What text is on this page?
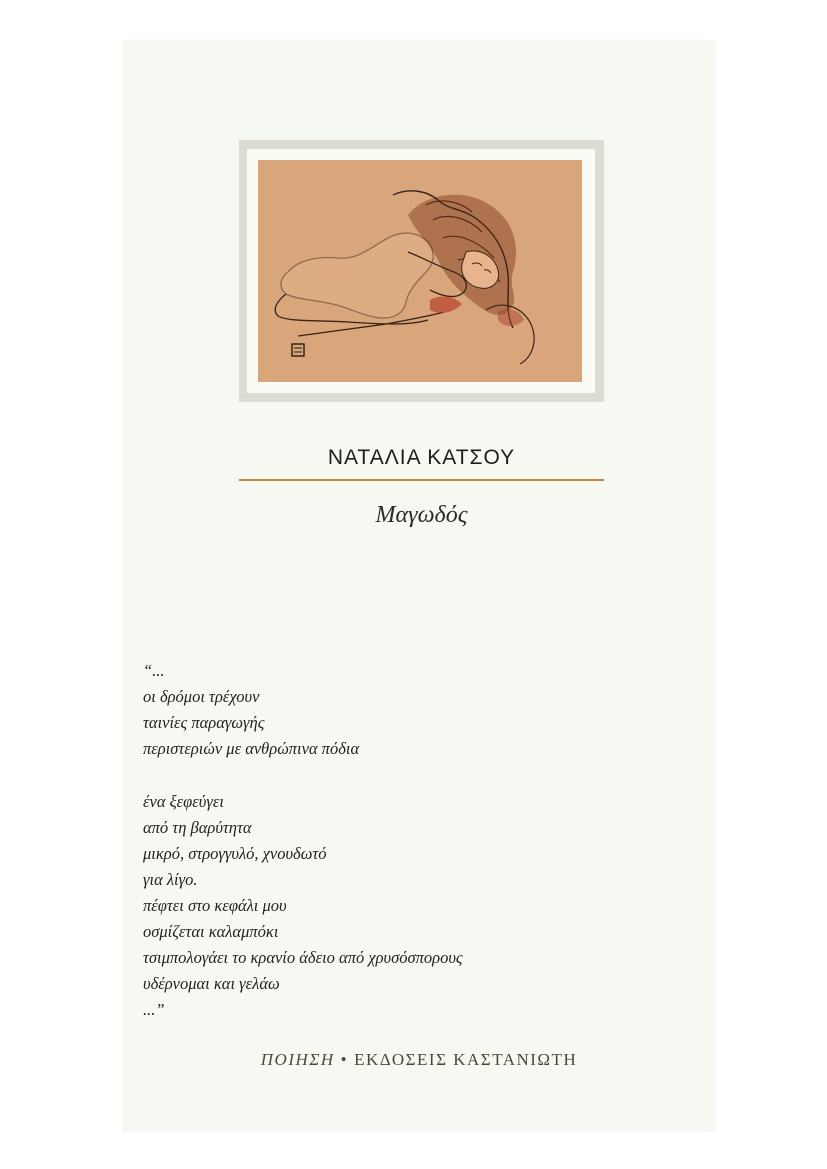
ΝΑΤΑΛΙΑ ΚΑΤΣΟΥ
Μαγωδός
“...
οι δρόμοι τρέχουν
ταινίες παραγωγής
περιστεριών με ανθρώπινα πόδια
ένα ξεφεύγει
από τη βαρύτητα
μικρό, στρογγυλό, χνουδωτό
για λίγο.
πέφτει στο κεφάλι μου
οσμίζεται καλαμπόκι
τσιμπολογάει το κρανίο άδειο από χρυσόσπορους
υδέρνομαι και γελάω
...”
ΠΟΙΗΣΗ • ΕΚΔΟΣΕΙΣ ΚΑΣΤΑΝΙΩΤΗ
